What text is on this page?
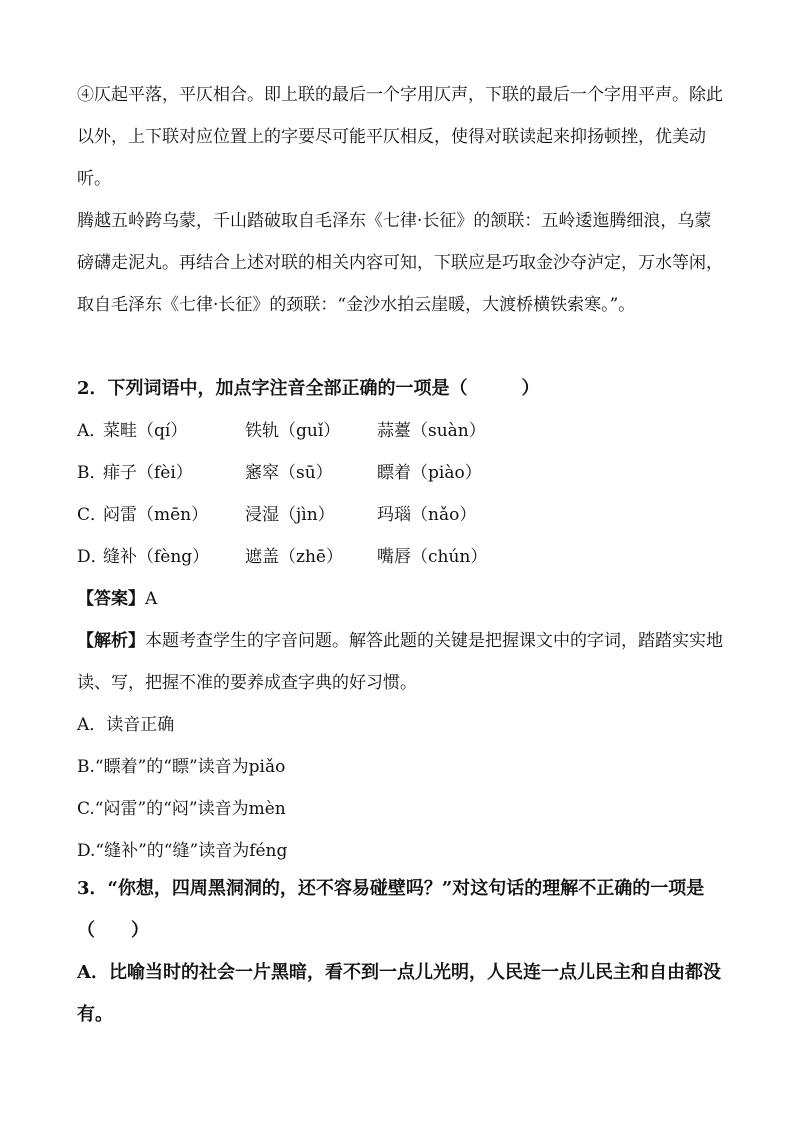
④仄起平落，平仄相合。即上联的最后一个字用仄声，下联的最后一个字用平声。除此以外，上下联对应位置上的字要尽可能平仄相反，使得对联读起来抑扬顿挫，优美动听。

腾越五岭跨乌蒙，千山踏破取自毛泽东《七律·长征》的颔联：五岭逶迤腾细浪，乌蒙磅礴走泥丸。再结合上述对联的相关内容可知，下联应是巧取金沙夺泸定，万水等闲，取自毛泽东《七律·长征》的颈联：“金沙水拍云崖暖，大渡桥横铁索寒。”。

2．下列词语中，加点字注音全部正确的一项是（　　　）

A．
菜畦（qí）	铁轨（guǐ） 蒜薹（suàn）
B．
痱子（fèi）	窸窣（sū）	瞟着（piào）
C．
闷雷（mēn） 浸湿（jìn） 玛瑙（nǎo）
D．
缝补（fèng） 遮盖（zhē） 嘴唇（chún）
【答案】A

【解析】本题考查学生的字音问题。解答此题的关键是把握课文中的字词，踏踏实实地读、写，把握不准的要养成查字典的好习惯。

A．读音正确
B.“瞟着”的“瞟”读音为piǎo
C.“闷雷”的“闷”读音为mèn
D.“缝补”的“缝”读音为féng

3．“你想，四周黑洞洞的，还不容易碰壁吗？”对这句话的理解不正确的一项是（　　）

A．比喻当时的社会一片黑暗，看不到一点儿光明，人民连一点儿民主和自由都没有。
